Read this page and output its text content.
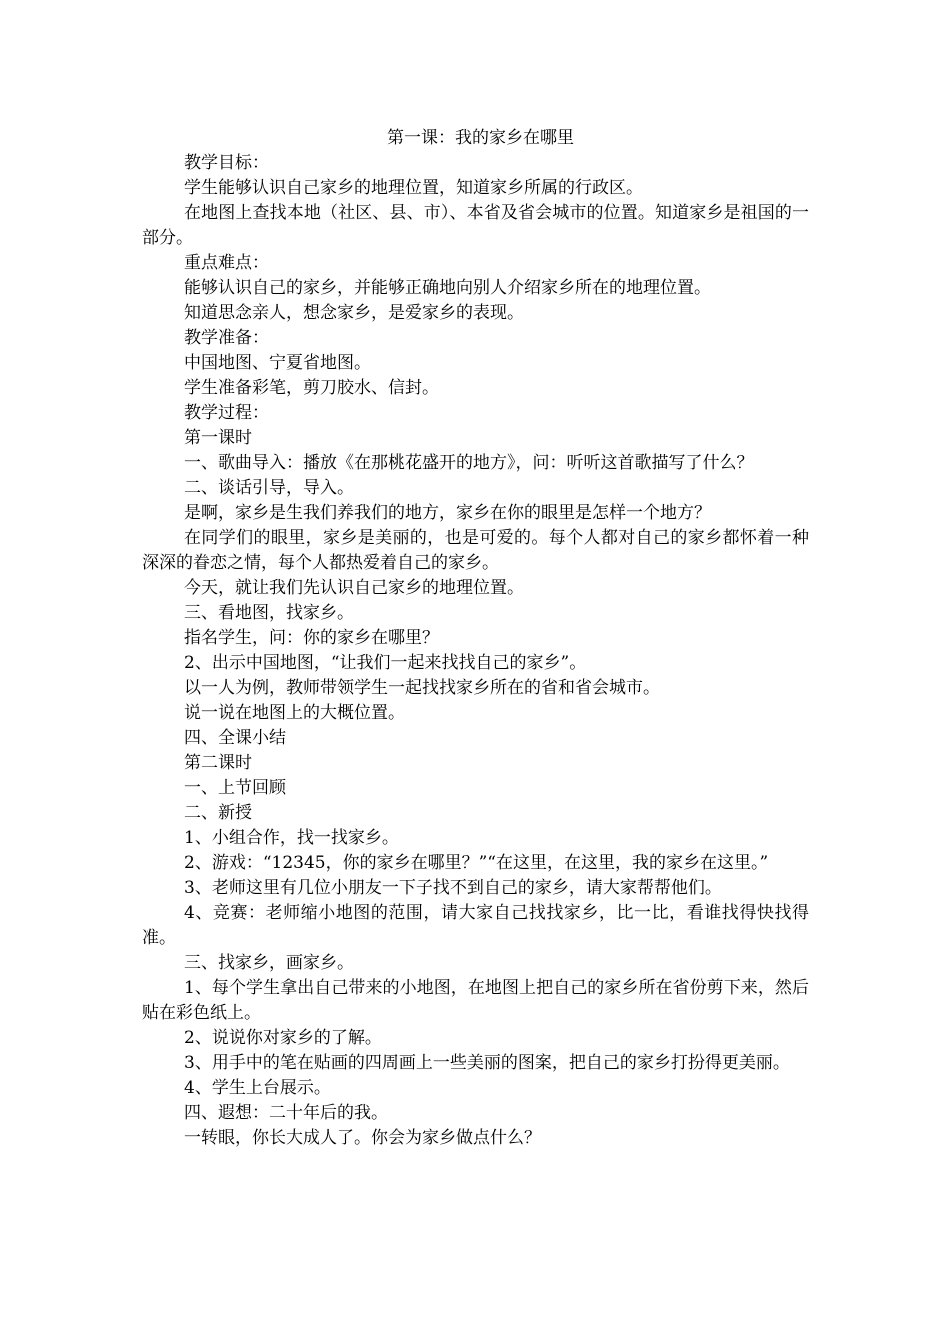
第一课：我的家乡在哪里

教学目标：

学生能够认识自己家乡的地理位置，知道家乡所属的行政区。

在地图上查找本地（社区、县、市）、本省及省会城市的位置。知道家乡是祖国的一部分。

重点难点：

能够认识自己的家乡，并能够正确地向别人介绍家乡所在的地理位置。

知道思念亲人，想念家乡，是爱家乡的表现。

教学准备：

中国地图、宁夏省地图。

学生准备彩笔，剪刀胶水、信封。

教学过程：

第一课时

一、歌曲导入：播放《在那桃花盛开的地方》，问：听听这首歌描写了什么？

二、谈话引导，导入。

是啊，家乡是生我们养我们的地方，家乡在你的眼里是怎样一个地方？

在同学们的眼里，家乡是美丽的，也是可爱的。每个人都对自己的家乡都怀着一种深深的眷恋之情，每个人都热爱着自己的家乡。

今天，就让我们先认识自己家乡的地理位置。

三、看地图，找家乡。

指名学生，问：你的家乡在哪里？

2、出示中国地图，“让我们一起来找找自己的家乡”。

以一人为例，教师带领学生一起找找家乡所在的省和省会城市。

说一说在地图上的大概位置。

四、全课小结

第二课时

一、上节回顾

二、新授

1、小组合作，找一找家乡。

2、游戏：“12345，你的家乡在哪里？”“在这里，在这里，我的家乡在这里。”

3、老师这里有几位小朋友一下子找不到自己的家乡，请大家帮帮他们。

4、竞赛：老师缩小地图的范围，请大家自己找找家乡，比一比，看谁找得快找得准。

三、找家乡，画家乡。

1、每个学生拿出自己带来的小地图，在地图上把自己的家乡所在省份剪下来，然后贴在彩色纸上。

2、说说你对家乡的了解。

3、用手中的笔在贴画的四周画上一些美丽的图案，把自己的家乡打扮得更美丽。

4、学生上台展示。

四、遐想：二十年后的我。

一转眼，你长大成人了。你会为家乡做点什么？
